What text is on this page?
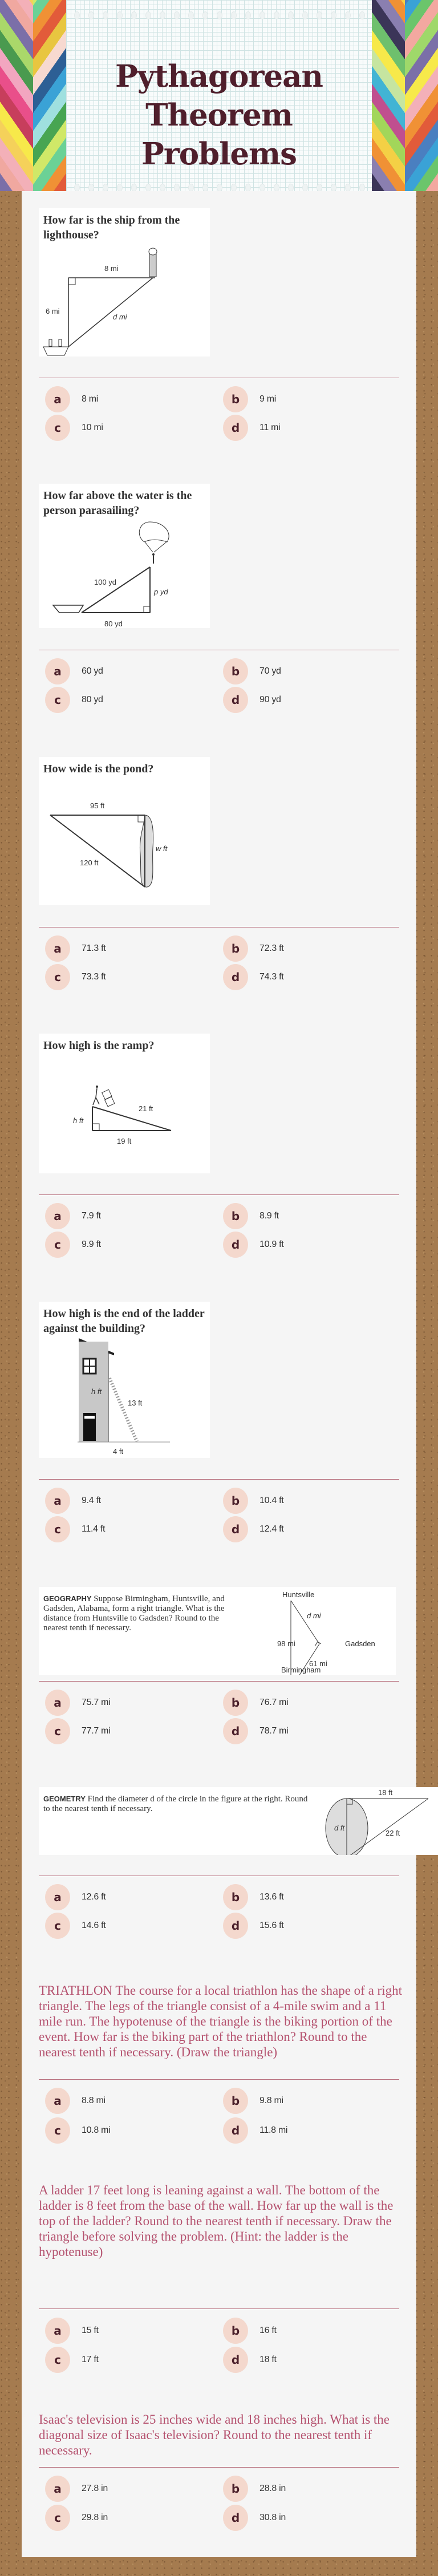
Pythagorean
Theorem Problems
How far is the ship from the lighthouse?
8 mi
6 mi
d mi
How far above the water is the person parasailing?
100 yd
p yd
80 yd
How wide is the pond?
95 ft
120 ft
w ft
How high is the ramp?
h ft
21 ft
19 ft
How high is the end of the ladder against the building?
h ft
13 ft
4 ft
GEOGRAPHY Suppose Birmingham, Huntsville, and Gadsden, Alabama, form a right triangle. What is the distance from Huntsville to Gadsden? Round to the nearest tenth if necessary.
Huntsville
d mi
98 mi	Gadsden
61 mi
Birmingham
GEOMETRY Find the diameter d of the circle in the figure at the right. Round to the nearest tenth if necessary.
18 ft
d ft
22 ft
TRIATHLON The course for a local triathlon has the shape of a right triangle. The legs of the triangle consist of a 4-mile swim and a 11 mile run. The hypotenuse of the triangle is the biking portion of the event. How far is the biking part of the triathlon? Round to the nearest tenth if necessary. (Draw the triangle)
A ladder 17 feet long is leaning against a wall. The bottom of the ladder is 8 feet from the base of the wall. How far up the wall is the top of the ladder? Round to the nearest tenth if necessary. Draw the triangle before solving the problem. (Hint: the ladder is the hypotenuse)
Isaac's television is 25 inches wide and 18 inches high. What is the diagonal size of Isaac's television? Round to the nearest tenth if necessary.
a	8 mi	b	9 mi
c	10 mi	d	11 mi
a	60 yd	b	70 yd
c	80 yd	d	90 yd
a	71.3 ft	b	72.3 ft
c	73.3 ft	d	74.3 ft
a	7.9 ft	b	8.9 ft
c	9.9 ft	d	10.9 ft
a	9.4 ft	b	10.4 ft
c	11.4 ft	d	12.4 ft
a	75.7 mi	b	76.7 mi
c	77.7 mi	d	78.7 mi
a	12.6 ft	b	13.6 ft
c	14.6 ft	d	15.6 ft
a	8.8 mi	b	9.8 mi
c	10.8 mi	d	11.8 mi
a	15 ft	b	16 ft
c	17 ft	d	18 ft
a	27.8 in	b	28.8 in
c	29.8 in	d	30.8 in
